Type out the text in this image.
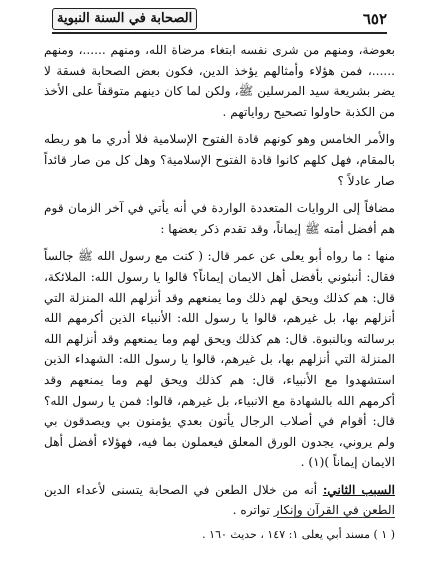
٦٥٢
الصحابة في السنة النبوية

بعوضة، ومنهم من شرى نفسه ابتغاء مرضاة الله، ومنهم ......، ومنهم ......، فمن هؤلاء وأمثالهم يؤخذ الدين، فكون بعض الصحابة فسقة لا يضر بشريعة سيد المرسلين ﷺ، ولكن لما كان دينهم متوقفاً على الأخذ من الكذبة حاولوا تصحيح رواياتهم .

والأمر الخامس وهو كونهم قادة الفتوح الإسلامية فلا أدري ما هو ربطه بالمقام، فهل كلهم كانوا قادة الفتوح الإسلامية؟ وهل كل من صار قائداً صار عادلاً ؟

مضافاً إلى الروايات المتعددة الواردة في أنه يأتي في آخر الزمان قوم هم أفضل أمته ﷺ إيماناً، وقد تقدم ذكر بعضها :

منها : ما رواه أبو يعلى عن عمر قال: ( كنت مع رسول الله ﷺ جالساً فقال: أنبئوني بأفضل أهل الايمان إيماناً؟ قالوا يا رسول الله: الملائكة، قال: هم كذلك ويحق لهم ذلك وما يمنعهم وقد أنزلهم الله المنزلة التي أنزلهم بها، بل غيرهم، قالوا يا رسول الله: الأنبياء الذين أكرمهم الله برسالته وبالنبوة. قال: هم كذلك ويحق لهم وما يمنعهم وقد أنزلهم الله المنزلة التي أنزلهم بها، بل غيرهم، قالوا يا رسول الله: الشهداء الذين استشهدوا مع الأنبياء، قال: هم كذلك ويحق لهم وما يمنعهم وقد أكرمهم الله بالشهادة مع الانبياء، بل غيرهم، قالوا: فمن يا رسول الله؟ قال: أقوام في أصلاب الرجال يأتون بعدي يؤمنون بي ويصدقون بي ولم يروني، يجدون الورق المعلق فيعملون بما فيه، فهؤلاء أفضل أهل الايمان إيماناً )(١) .

السبب الثاني: أنه من خلال الطعن في الصحابة يتسنى لأعداء الدين الطعن في القرآن وإنكار تواتره .

( ١ ) مسند أبي يعلى ١: ١٤٧ ، حديث ١٦٠ .
